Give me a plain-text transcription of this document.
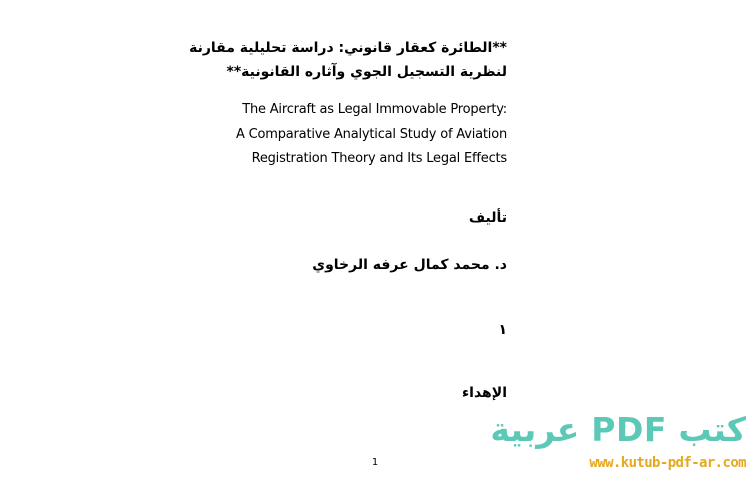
**الطائرة كعقار قانوني: دراسة تحليلية مقارنة
لنظرية التسجيل الجوي وآثاره القانونية**
The Aircraft as Legal Immovable Property:
A Comparative Analytical Study of Aviation
Registration Theory and Its Legal Effects
تأليف
د. محمد كمال عرفه الرخاوي
١
الإهداء
1
كتب PDF عربية
www.kutub-pdf-ar.com
